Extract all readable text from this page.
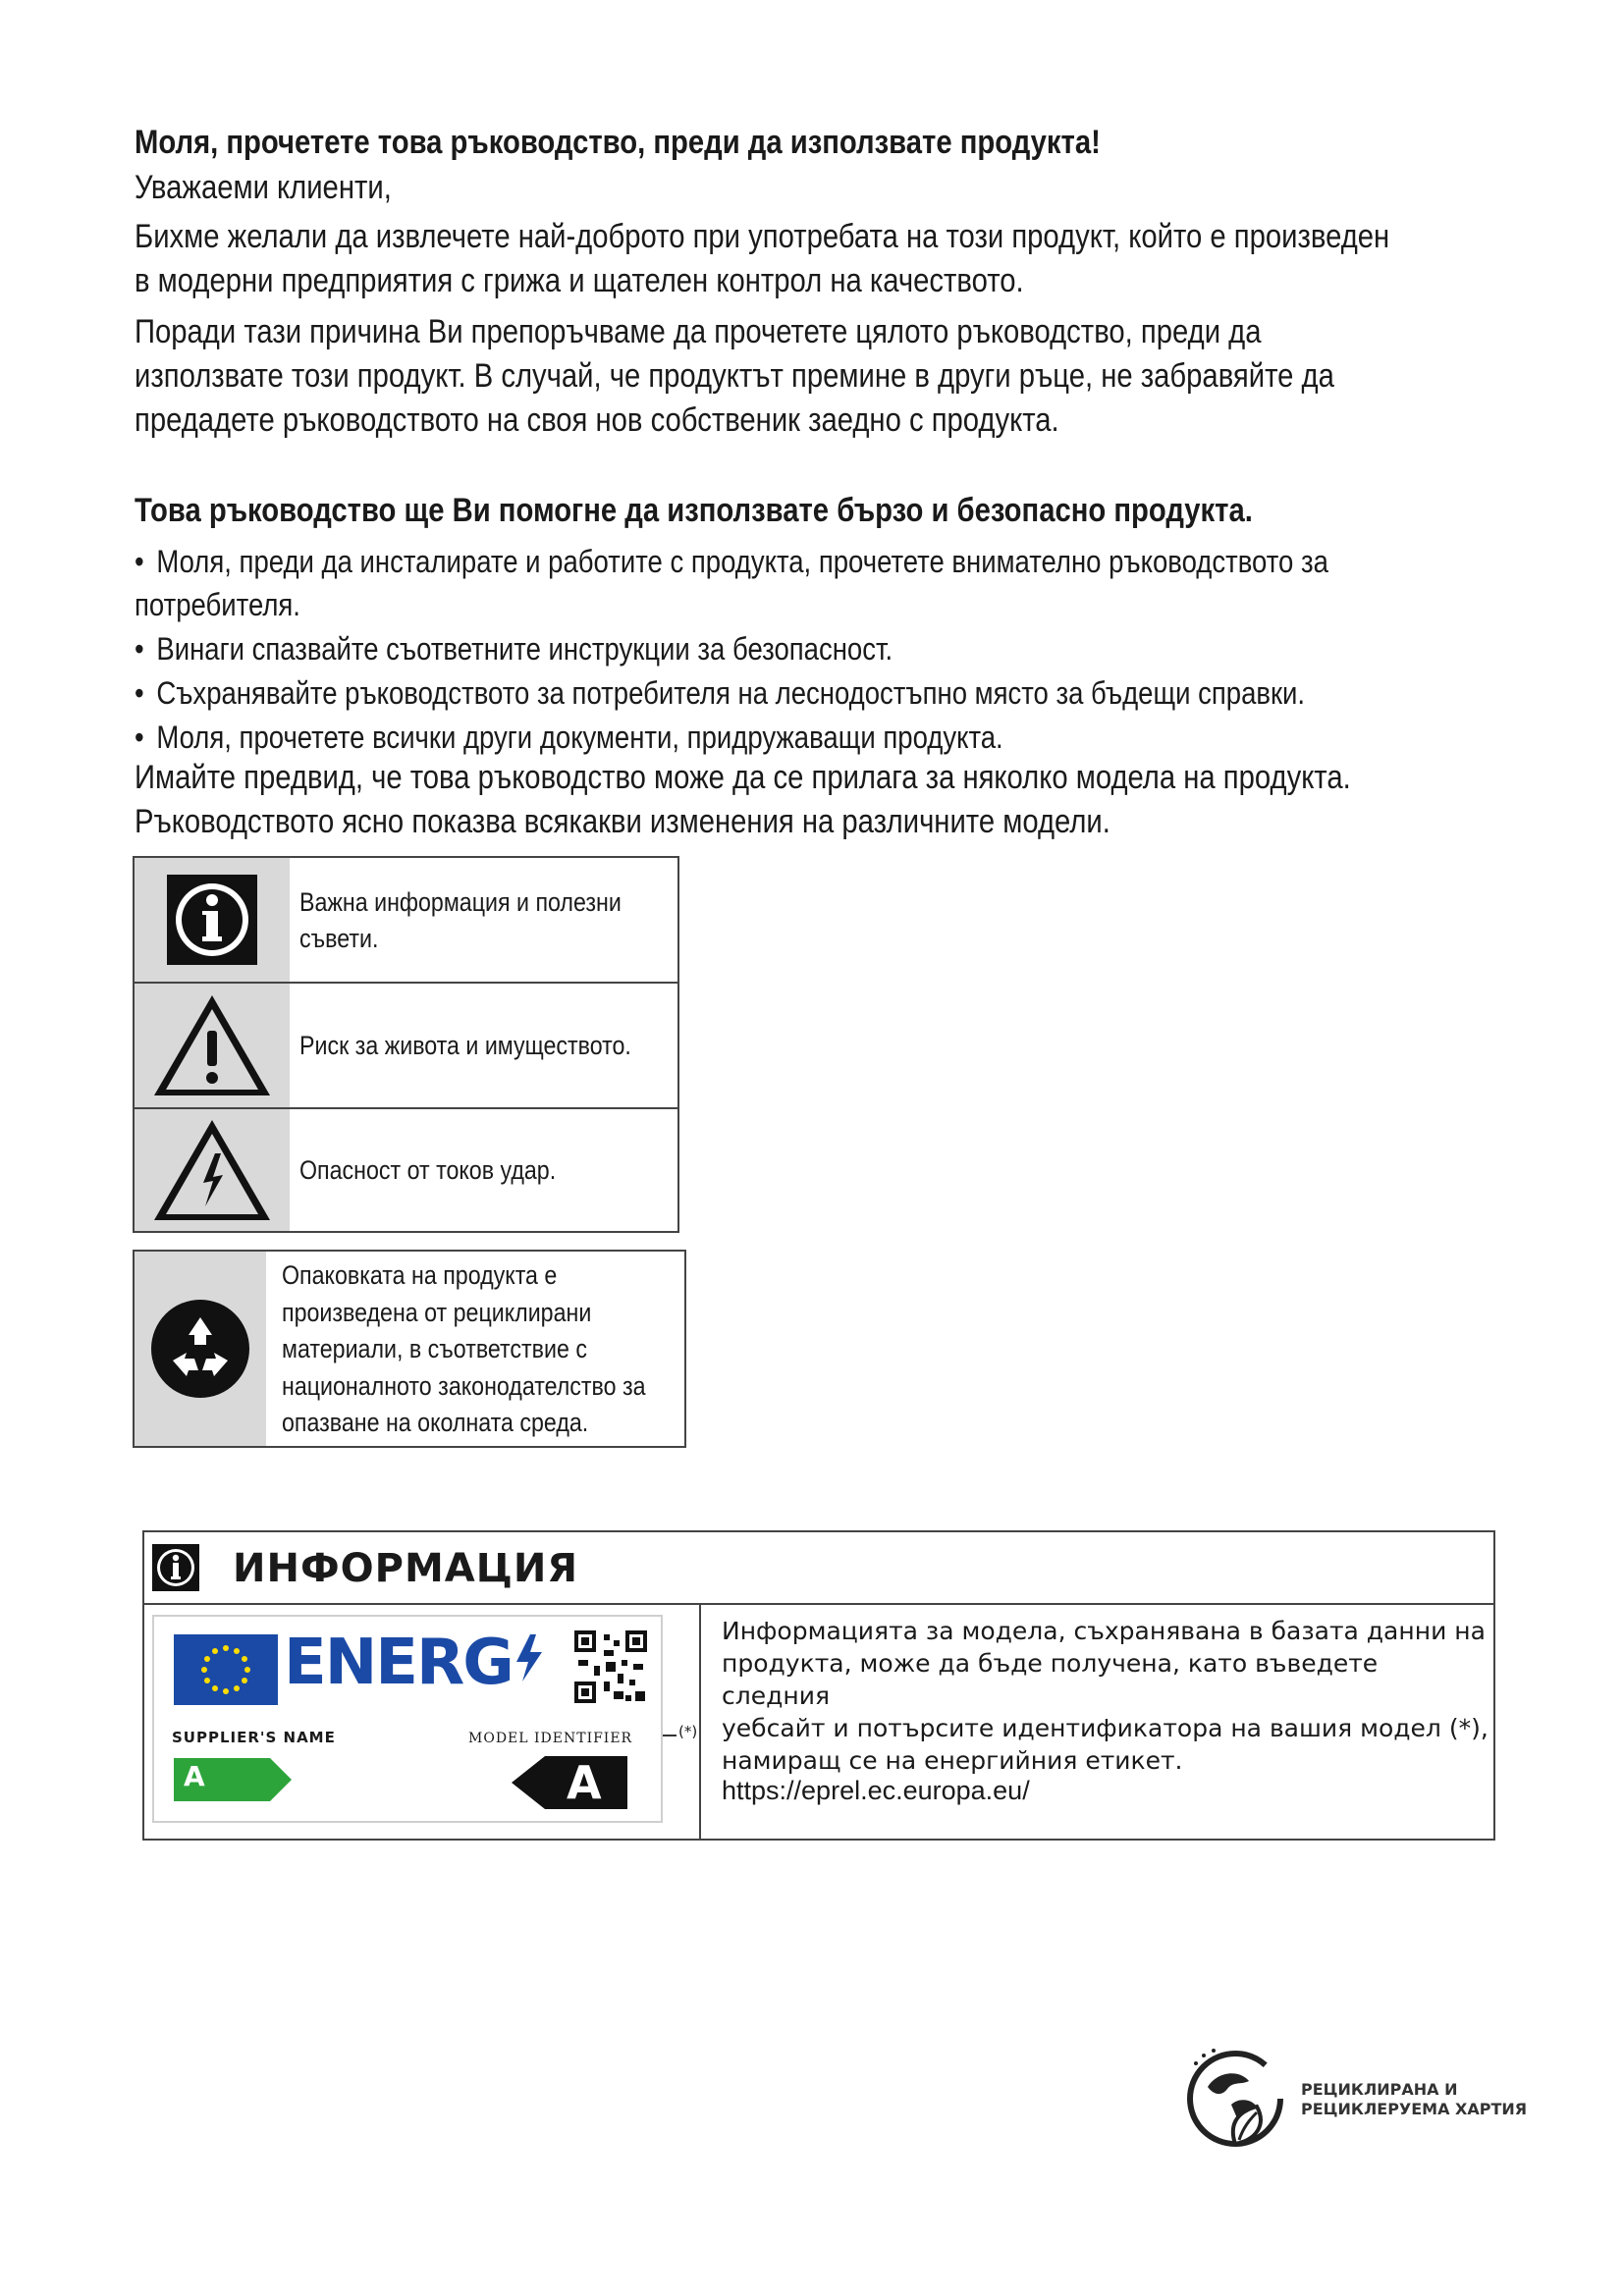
Моля, прочетете това ръководство, преди да използвате продукта!
Уважаеми клиенти,
Бихме желали да извлечете най-доброто при употребата на този продукт, който е произведен
в модерни предприятия с грижа и щателен контрол на качеството.
Поради тази причина Ви препоръчваме да прочетете цялото ръководство, преди да
използвате този продукт. В случай, че продуктът премине в други ръце, не забравяйте да
предадете ръководството на своя нов собственик заедно с продукта.
Това ръководство ще Ви помогне да използвате бързо и безопасно продукта.
• Моля, преди да инсталирате и работите с продукта, прочетете внимателно ръководството за
потребителя.
• Винаги спазвайте съответните инструкции за безопасност.
• Съхранявайте ръководството за потребителя на леснодостъпно място за бъдещи справки.
• Моля, прочетете всички други документи, придружаващи продукта.
Имайте предвид, че това ръководство може да се прилага за няколко модела на продукта.
Ръководството ясно показва всякакви изменения на различните модели.
Важна информация и полезни
съвети.
Риск за живота и имуществото.
Опасност от токов удар.
Опаковката на продукта е
произведена от рециклирани
материали, в съответствие с
националното законодателство за
опазване на околната среда.
ИНФОРМАЦИЯ
ENERG
SUPPLIER'S NAME	MODEL IDENTIFIER
A	A
(*)
Информацията за модела, съхранявана в базата данни на
продукта, може да бъде получена, като въведете следния
уебсайт и потърсите идентификатора на вашия модел (*),
намиращ се на енергийния етикет.
https://eprel.ec.europa.eu/
РЕЦИКЛИРАНА И
РЕЦИКЛЕРУЕМА ХАРТИЯ
